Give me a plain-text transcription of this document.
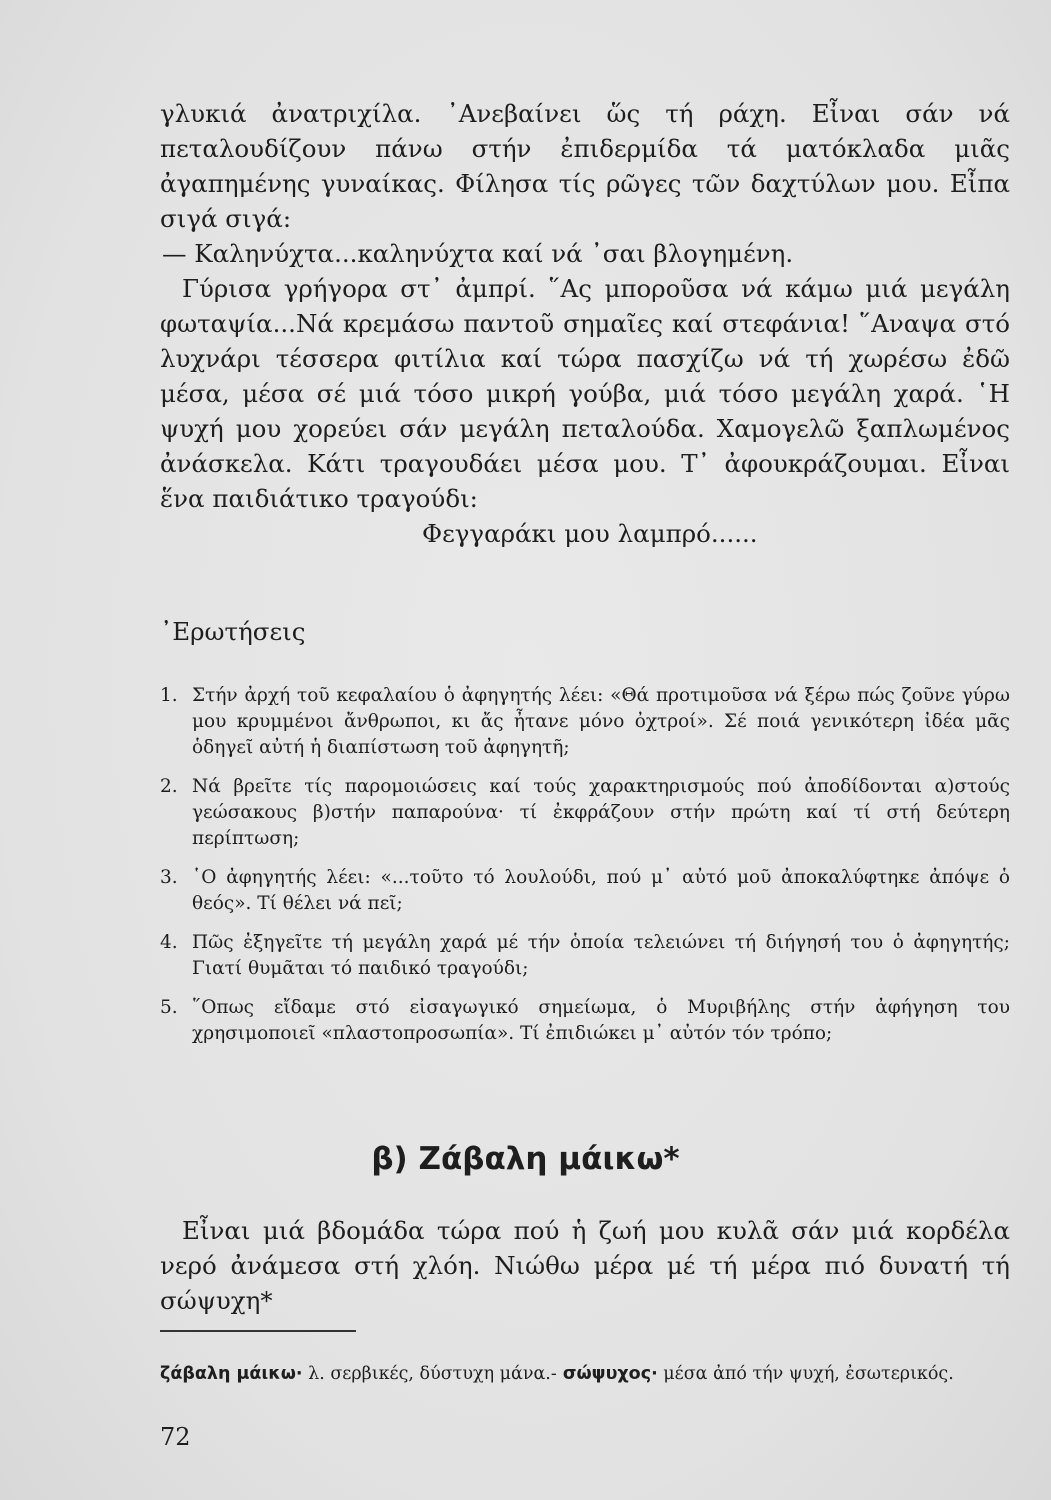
γλυκιά ἀνατριχίλα. ᾿Ανεβαίνει ὥς τή ράχη. Εἶναι σάν νά πεταλουδίζουν πάνω στήν ἐπιδερμίδα τά ματόκλαδα μιᾶς ἀγαπημένης γυναίκας. Φίλησα τίς ρῶγες τῶν δαχτύλων μου. Εἶπα σιγά σιγά:

— Καληνύχτα...καληνύχτα καί νά ᾿σαι βλογημένη.

Γύρισα γρήγορα στ᾿ ἀμπρί. ῞Ας μποροῦσα νά κάμω μιά μεγάλη φωταψία...Νά κρεμάσω παντοῦ σημαῖες καί στεφάνια! ῞Αναψα στό λυχνάρι τέσσερα φιτίλια καί τώρα πασχίζω νά τή χωρέσω ἐδῶ μέσα, μέσα σέ μιά τόσο μικρή γούβα, μιά τόσο μεγάλη χαρά. ῾Η ψυχή μου χορεύει σάν μεγάλη πεταλούδα. Χαμογελῶ ξαπλωμένος ἀνάσκελα. Κάτι τραγουδάει μέσα μου. Τ᾿ ἀφουκράζουμαι. Εἶναι ἕνα παιδιάτικο τραγούδι:

Φεγγαράκι μου λαμπρό......

᾿Ερωτήσεις
1. Στήν ἀρχή τοῦ κεφαλαίου ὁ ἀφηγητής λέει: «Θά προτιμοῦσα νά ξέρω πώς ζοῦνε γύρω μου κρυμμένοι ἄνθρωποι, κι ἄς ἦτανε μόνο ὀχτροί». Σέ ποιά γενικότερη ἰδέα μᾶς ὁδηγεῖ αὐτή ἡ διαπίστωση τοῦ ἀφηγητῆ;
2. Νά βρεῖτε τίς παρομοιώσεις καί τούς χαρακτηρισμούς πού ἀποδίδονται α)στούς γεώσακους β)στήν παπαρούνα· τί ἐκφράζουν στήν πρώτη καί τί στή δεύτερη περίπτωση;
3. ῾Ο ἀφηγητής λέει: «...τοῦτο τό λουλούδι, πού μ᾿ αὐτό μοῦ ἀποκαλύφτηκε ἀπόψε ὁ θεός». Τί θέλει νά πεῖ;
4. Πῶς ἐξηγεῖτε τή μεγάλη χαρά μέ τήν ὁποία τελειώνει τή διήγησή του ὁ ἀφηγητής; Γιατί θυμᾶται τό παιδικό τραγούδι;
5. ῞Οπως εἴδαμε στό εἰσαγωγικό σημείωμα, ὁ Μυριβήλης στήν ἀφήγηση του χρησιμοποιεῖ «πλαστοπροσωπία». Τί ἐπιδιώκει μ᾿ αὐτόν τόν τρόπο;
β) Ζάβαλη μάικω*
Εἶναι μιά βδομάδα τώρα πού ἡ ζωή μου κυλᾶ σάν μιά κορδέλα νερό ἀνάμεσα στή χλόη. Νιώθω μέρα μέ τή μέρα πιό δυνατή τή σώψυχη*
ζάβαλη μάικω· λ. σερβικές, δύστυχη μάνα.- σώψυχος· μέσα ἀπό τήν ψυχή, ἐσωτερικός.
72
